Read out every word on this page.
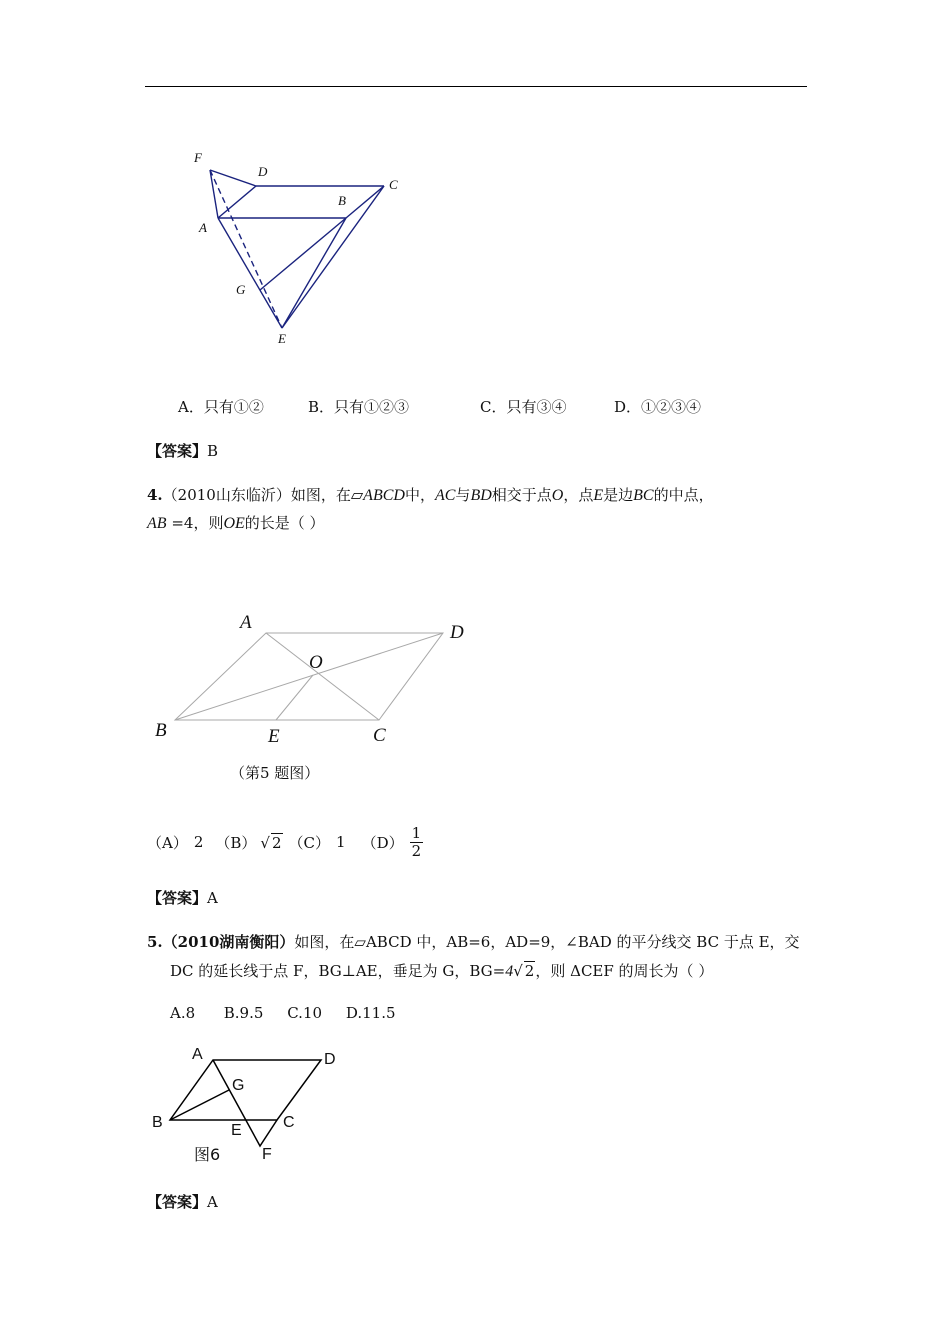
F
D
C
B
A
G
E
A．只有①②	B．只有①②③	C．只有③④	D．①②③④
【答案】B
4.（2010山东临沂）如图，在▱ABCD中，AC与BD相交于点O，点E是边BC的中点，
AB =4，则OE的长是（ ）
A	D
O
B	E	C
（第5 题图）
（A） 2 （B） √ 2 （C） 1 $(D) \frac{1}{2}$
【答案】A
5.（2010湖南衡阳）如图，在▱ABCD 中，AB=6，AD=9，∠BAD 的平分线交 BC 于点 E，交
DC 的延长线于点 F，BG⊥AE，垂足为 G，BG=4√ 2，则 ΔCEF 的周长为（ ）
A.8      B.9.5     C.10     D.11.5
A	D
G
B	E	C
F
图6
【答案】A
